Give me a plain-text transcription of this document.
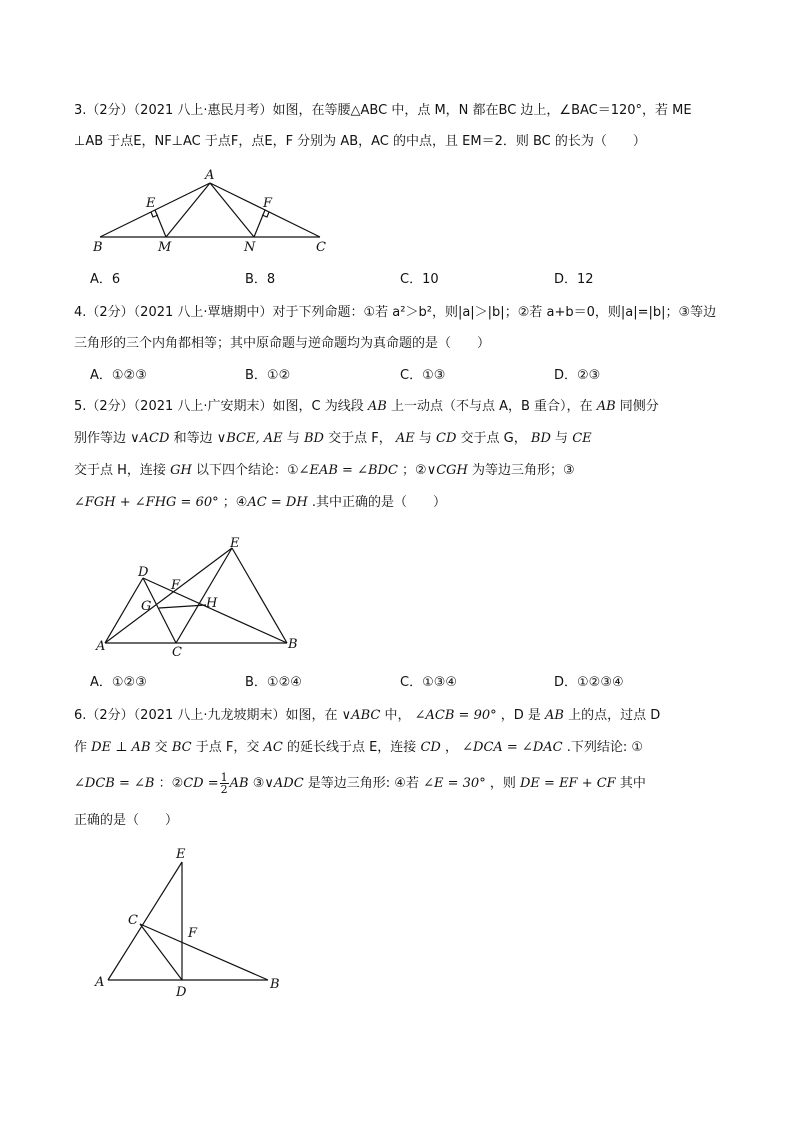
3.（2分）（2021 八上·惠民月考）如图，在等腰△ABC 中，点 M，N 都在BC 边上，∠BAC＝120°，若 ME
⊥AB 于点E，NF⊥AC 于点F，点E，F 分别为 AB，AC 的中点，且 EM＝2．则 BC 的长为（　　）
A
B	C
E	F
M	N
A．6	B．8	C．10	D．12
4.（2分）（2021 八上·覃塘期中）对于下列命题：①若 a²＞b²，则|a|＞|b|；②若 a+b＝0，则|a|=|b|；③等边
三角形的三个内角都相等；其中原命题与逆命题均为真命题的是（　　）
A．①②③	B．①②	C．①③	D．②③
5.（2分）（2021 八上·广安期末）如图，C 为线段 AB 上一动点（不与点 A，B 重合），在 AB 同侧分
别作等边 ∨ACD 和等边 ∨BCE, AE 与 BD 交于点 F， AE 与 CD 交于点 G， BD 与 CE
交于点 H，连接 GH 以下四个结论：①∠EAB = ∠BDC ；②∨CGH 为等边三角形；③
∠FGH + ∠FHG = 60° ；④AC = DH .其中正确的是（　　）
D
E
F
G	H
A	C
B
A．①②③	B．①②④	C．①③④	D．①②③④
6.（2分）（2021 八上·九龙坡期末）如图，在 ∨ABC 中， ∠ACB = 90° ，D 是 AB 上的点，过点 D
作 DE ⊥ AB 交 BC 于点 F，交 AC 的延长线于点 E，连接 CD ， ∠DCA = ∠DAC .下列结论: ①
∠DCB = ∠B ：②CD = $\frac{1}{2}$ AB ③∨ADC 是等边三角形: ④若 ∠E = 30° ，则 DE = EF + CF 其中
正确的是（　　）
E
C
F
A
D
B
